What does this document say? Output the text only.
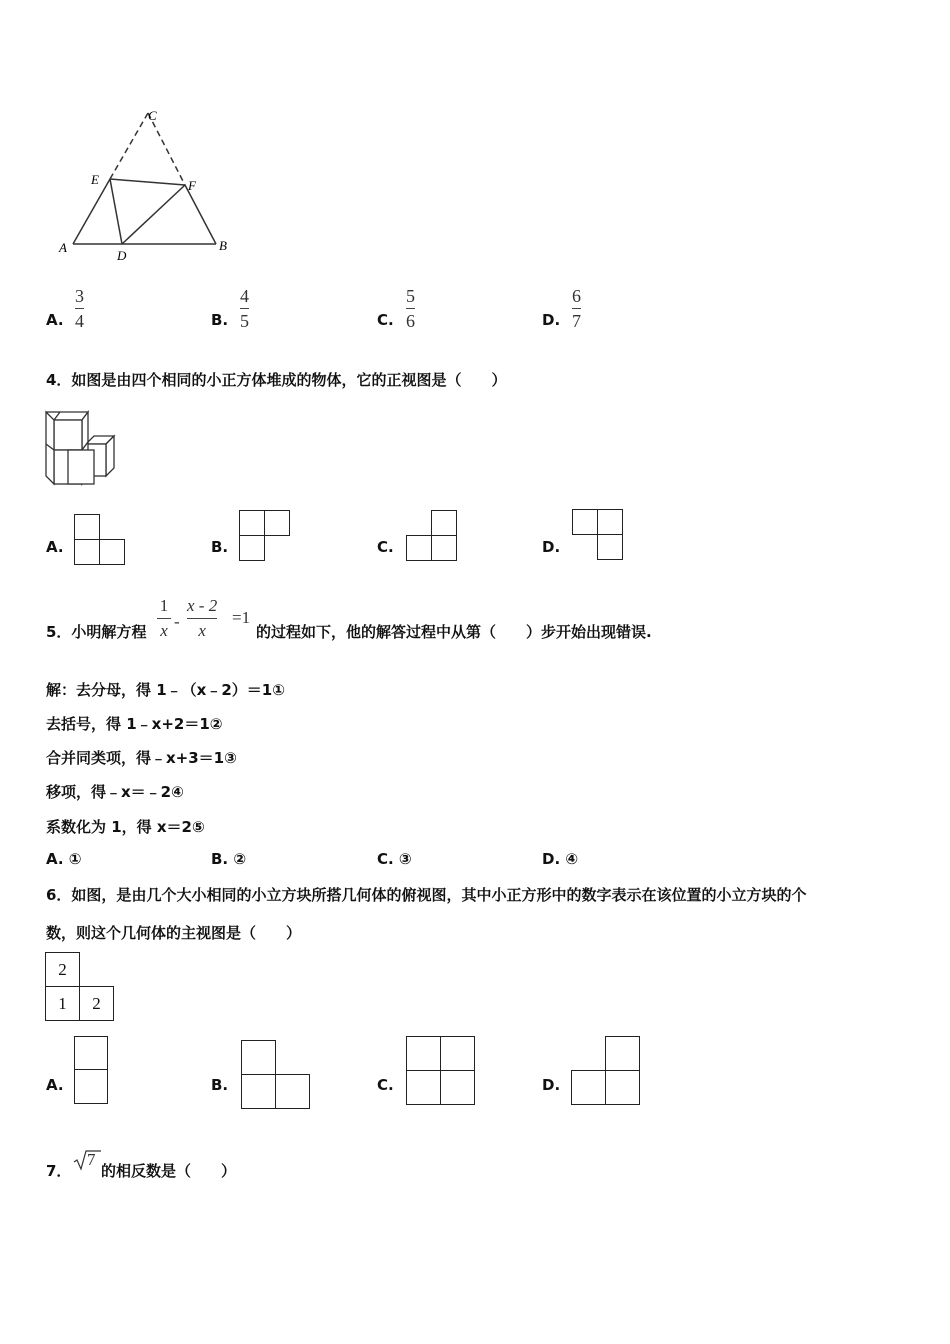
C
E	F
A
D
B
A.
3
4	B.
4
5	C.
5
6	D.
6
7
4．如图是由四个相同的小正方体堆成的物体，它的正视图是（　　）
A.	B.	C.	D.
5．小明解方程
1
x -
x - 2
x
=1
的过程如下，他的解答过程中从第（　　）步开始出现错误.
解：去分母，得 1﹣（x﹣2）＝1①
去括号，得 1﹣x+2＝1②
合并同类项，得﹣x+3＝1③
移项，得﹣x＝﹣2④
系数化为 1，得 x＝2⑤
A. ①	B. ②	C. ③	D. ④
6．如图，是由几个大小相同的小立方块所搭几何体的俯视图，其中小正方形中的数字表示在该位置的小立方块的个
数，则这个几何体的主视图是（　　）
2
1	2
A.	B.	C.	D.
7．
7
的相反数是（　　）
